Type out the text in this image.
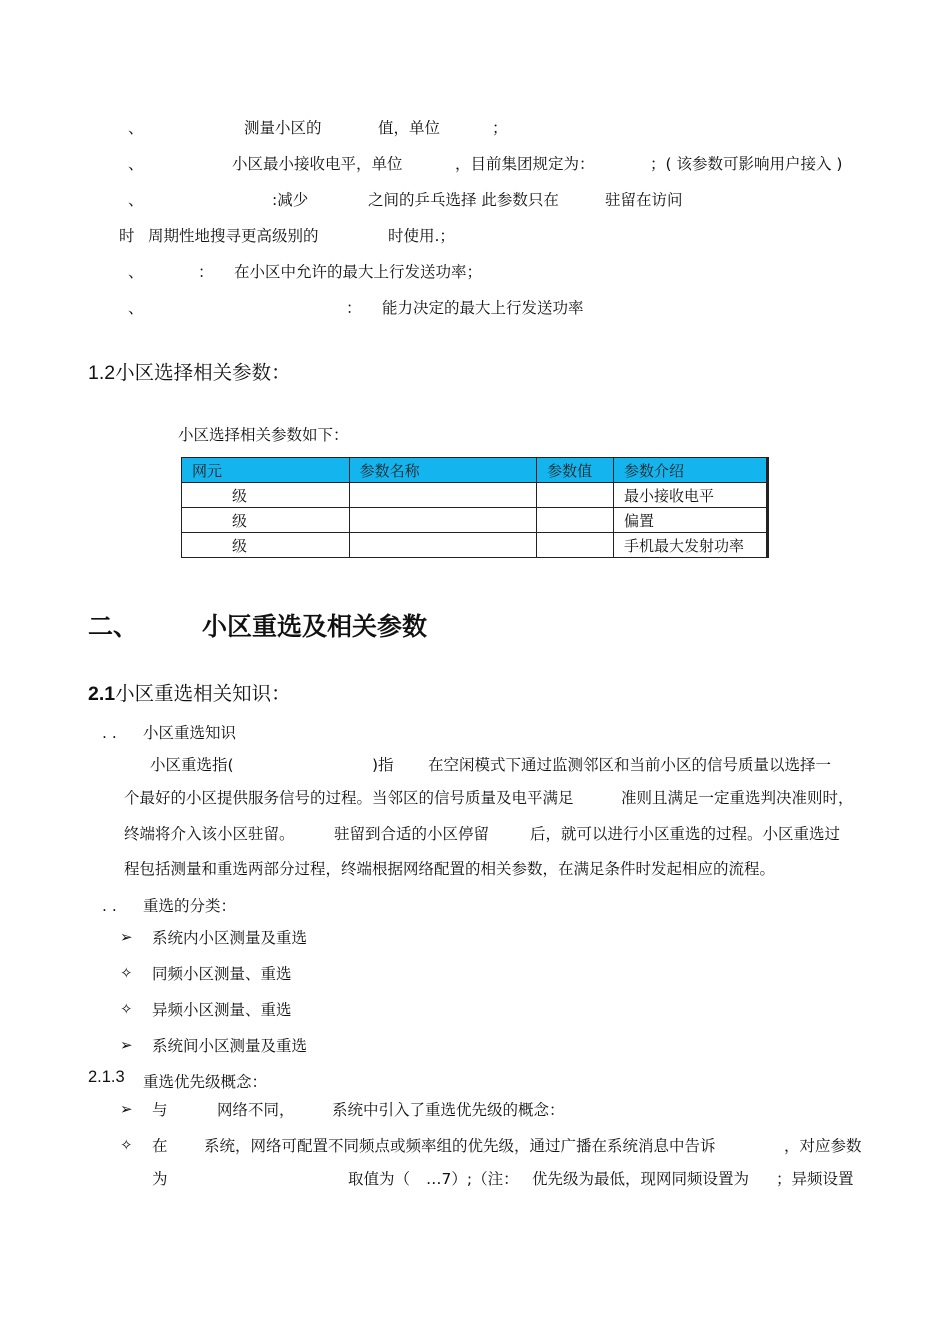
、	测量小区的	值，单位	；
、	小区最小接收电平，单位	，目前集团规定为：	；( 该参数可影响用户接入 )
、	:减少	之间的乒乓选择 此参数只在	驻留在访问
时 周期性地搜寻更高级别的	时使用.；
、	： 在小区中允许的最大上行发送功率；
、	： 能力决定的最大上行发送功率
1.2小区选择相关参数：
小区选择相关参数如下：
网元	参数名称	参数值	参数介绍
级			最小接收电平
级			偏置
级			手机最大发射功率
二、	小区重选及相关参数
2.1小区重选相关知识：
. . 小区重选知识
小区重选指(	)指 在空闲模式下通过监测邻区和当前小区的信号质量以选择一
个最好的小区提供服务信号的过程。当邻区的信号质量及电平满足	准则且满足一定重选判决准则时，
终端将介入该小区驻留。	驻留到合适的小区停留	后，就可以进行小区重选的过程。小区重选过
程包括测量和重选两部分过程，终端根据网络配置的相关参数，在满足条件时发起相应的流程。
. . 重选的分类：
➢ 系统内小区测量及重选
✧ 同频小区测量、重选
✧ 异频小区测量、重选
➢ 系统间小区测量及重选
2.1.3 重选优先级概念：
➢ 与	网络不同， 系统中引入了重选优先级的概念：
✧ 在 系统，网络可配置不同频点或频率组的优先级，通过广播在系统消息中告诉	，对应参数
为	取值为（ …7）;（注： 优先级为最低，现网同频设置为 ；异频设置
